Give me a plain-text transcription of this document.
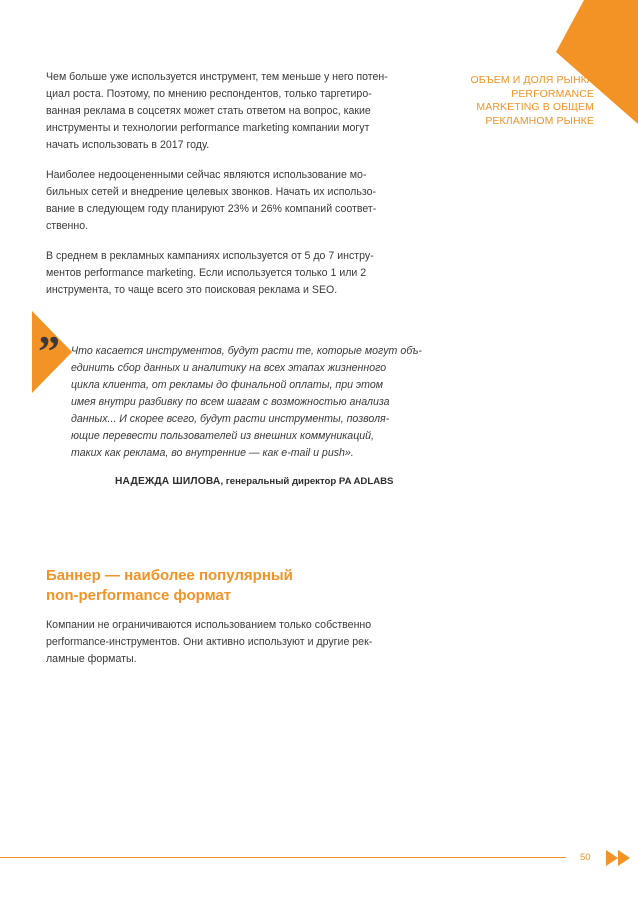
ОБЪЕМ И ДОЛЯ РЫНКА
PERFORMANCE
MARKETING В ОБЩЕМ
РЕКЛАМНОМ РЫНКЕ
Чем больше уже используется инструмент, тем меньше у него потен-
циал роста. Поэтому, по мнению респондентов, только таргетиро-
ванная реклама в соцсетях может стать ответом на вопрос, какие
инструменты и технологии performance marketing компании могут
начать использовать в 2017 году.
Наиболее недооцененными сейчас являются использование мо-
бильных сетей и внедрение целевых звонков. Начать их использо-
вание в следующем году планируют 23% и 26% компаний соответ-
ственно.
В среднем в рекламных кампаниях используется от 5 до 7 инстру-
ментов performance marketing. Если используется только 1 или 2
инструмента, то чаще всего это поисковая реклама и SEO.
” Что касается инструментов, будут расти те, которые могут объ-
единить сбор данных и аналитику на всех этапах жизненного
цикла клиента, от рекламы до финальной оплаты, при этом
имея внутри разбивку по всем шагам с возможностью анализа
данных... И скорее всего, будут расти инструменты, позволя-
ющие перевести пользователей из внешних коммуникаций,
таких как реклама, во внутренние — как e-mail и push».
НАДЕЖДА ШИЛОВА, генеральный директор PA ADLABS
Баннер — наиболее популярный
non-performance формат
Компании не ограничиваются использованием только собственно
performance-инструментов. Они активно используют и другие рек-
ламные форматы.
50
